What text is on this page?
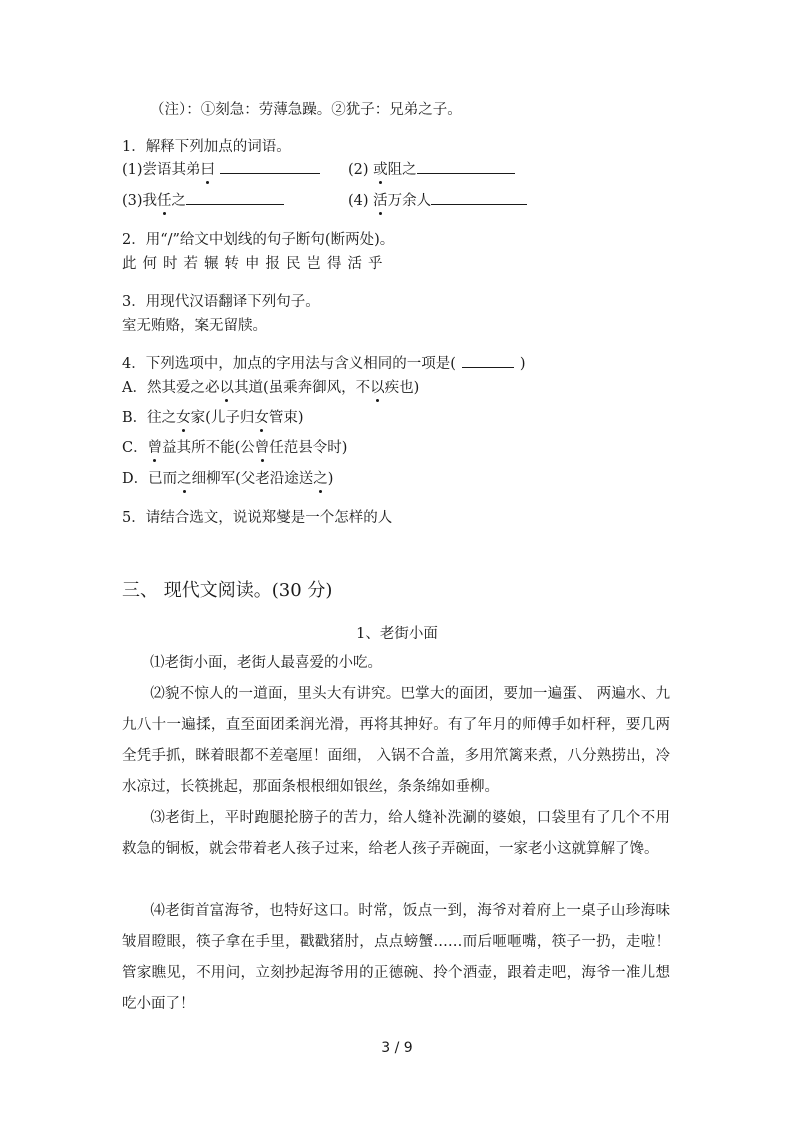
（注）：①刻急：劳薄急躁。②犹子：兄弟之子。
1．解释下列加点的词语。
(1)尝语其弟曰	(2) 或阻之
(3)我任之	(4) 活万余人
2．用“/”给文中划线的句子断句(断两处)。
此何时若辗转申报民岂得活乎
3．用现代汉语翻译下列句子。
室无贿赂，案无留牍。
4．下列选项中，加点的字用法与含义相同的一项是(	)
A．然其爱之必以其道(虽乘奔御风，不以疾也)
B．往之女家(儿子归女管束)
C．曾益其所不能(公曾任范县令时)
D．已而之细柳军(父老沿途送之)
5．请结合选文，说说郑燮是一个怎样的人
三、 现代文阅读。(30 分)
1、老街小面
⑴老街小面，老街人最喜爱的小吃。
⑵貌不惊人的一道面，里头大有讲究。巴掌大的面团，要加一遍蛋、 两遍水、九九八十一遍揉，直至面团柔润光滑，再将其抻好。有了年月的师傅手如杆秤，要几两全凭手抓，眯着眼都不差毫厘！面细， 入锅不合盖，多用笊篱来煮，八分熟捞出，冷水凉过，长筷挑起，那面条根根细如银丝，条条绵如垂柳。
⑶老街上，平时跑腿抡膀子的苦力，给人缝补洗涮的婆娘，口袋里有了几个不用救急的铜板，就会带着老人孩子过来，给老人孩子弄碗面，一家老小这就算解了馋。
⑷老街首富海爷，也特好这口。时常，饭点一到，海爷对着府上一桌子山珍海味皱眉瞪眼，筷子拿在手里，戳戳猪肘，点点螃蟹……而后咂咂嘴，筷子一扔，走啦！ 管家瞧见，不用问，立刻抄起海爷用的正德碗、拎个酒壶，跟着走吧，海爷一准儿想吃小面了！
3 / 9
